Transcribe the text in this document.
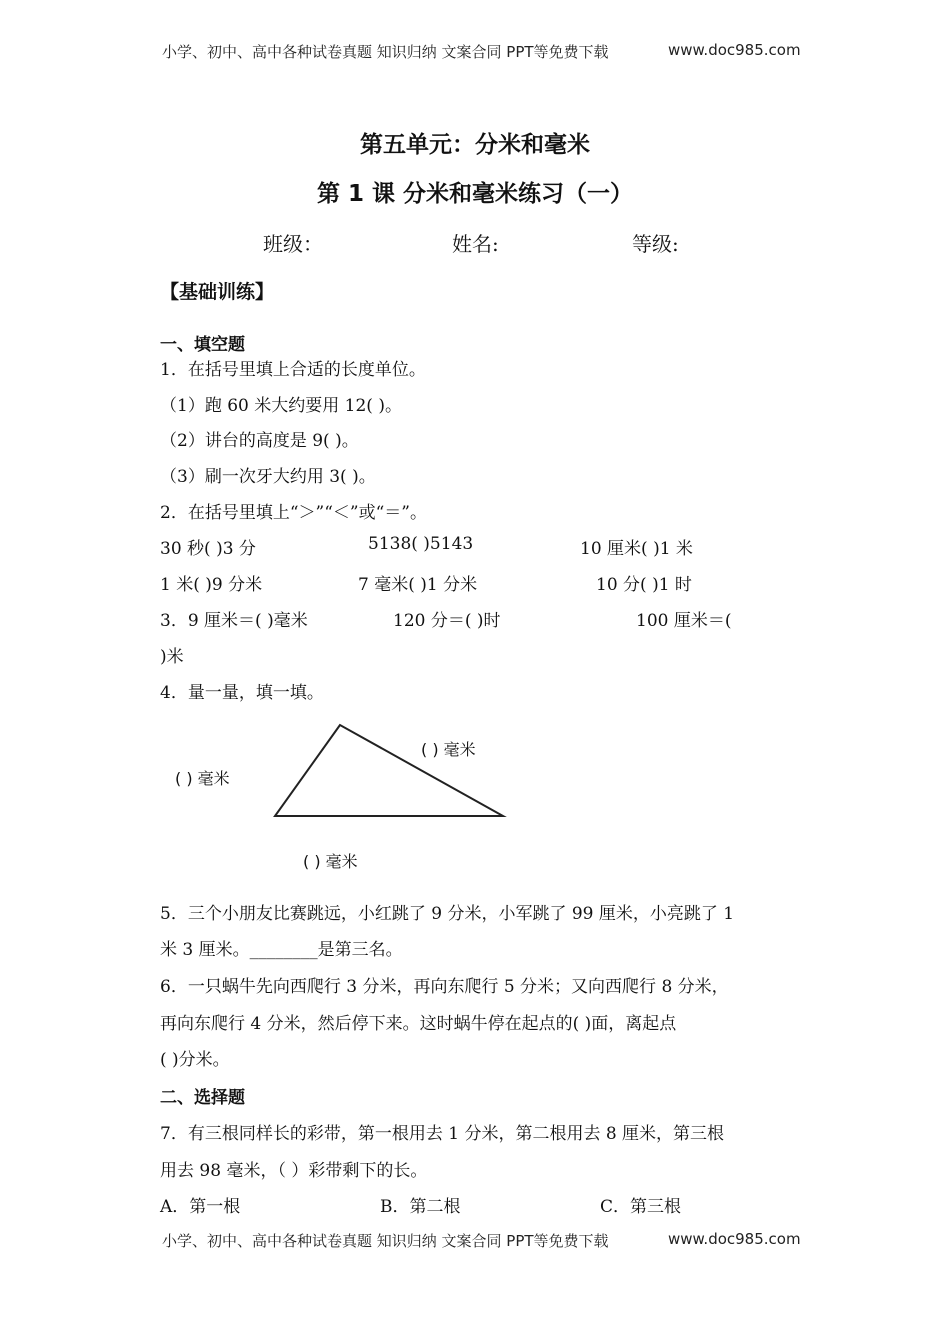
小学、初中、高中各种试卷真题 知识归纳 文案合同 PPT等免费下载	www.doc985.com
第五单元：分米和毫米
第 1 课 分米和毫米练习（一）
班级：	姓名:	等级:
【基础训练】
一、填空题
1．在括号里填上合适的长度单位。
（1）跑 60 米大约要用 12( )。
（2）讲台的高度是 9( )。
（3）刷一次牙大约用 3( )。
2．在括号里填上“＞”“＜”或“＝”。
30 秒( )3 分	5138( )5143	10 厘米( )1 米
1 米( )9 分米	7 毫米( )1 分米	10 分( )1 时
3．9 厘米＝( )毫米	120 分＝( )时	100 厘米＝(
)米
4．量一量，填一填。
( ) 毫米
( ) 毫米
( ) 毫米
5．三个小朋友比赛跳远，小红跳了 9 分米，小军跳了 99 厘米，小亮跳了 1
米 3 厘米。________是第三名。
6．一只蜗牛先向西爬行 3 分米，再向东爬行 5 分米；又向西爬行 8 分米，
再向东爬行 4 分米，然后停下来。这时蜗牛停在起点的( )面，离起点
( )分米。
二、选择题
7．有三根同样长的彩带，第一根用去 1 分米，第二根用去 8 厘米，第三根
用去 98 毫米，（ ）彩带剩下的长。
A．第一根	B．第二根	C．第三根
小学、初中、高中各种试卷真题 知识归纳 文案合同 PPT等免费下载	www.doc985.com
